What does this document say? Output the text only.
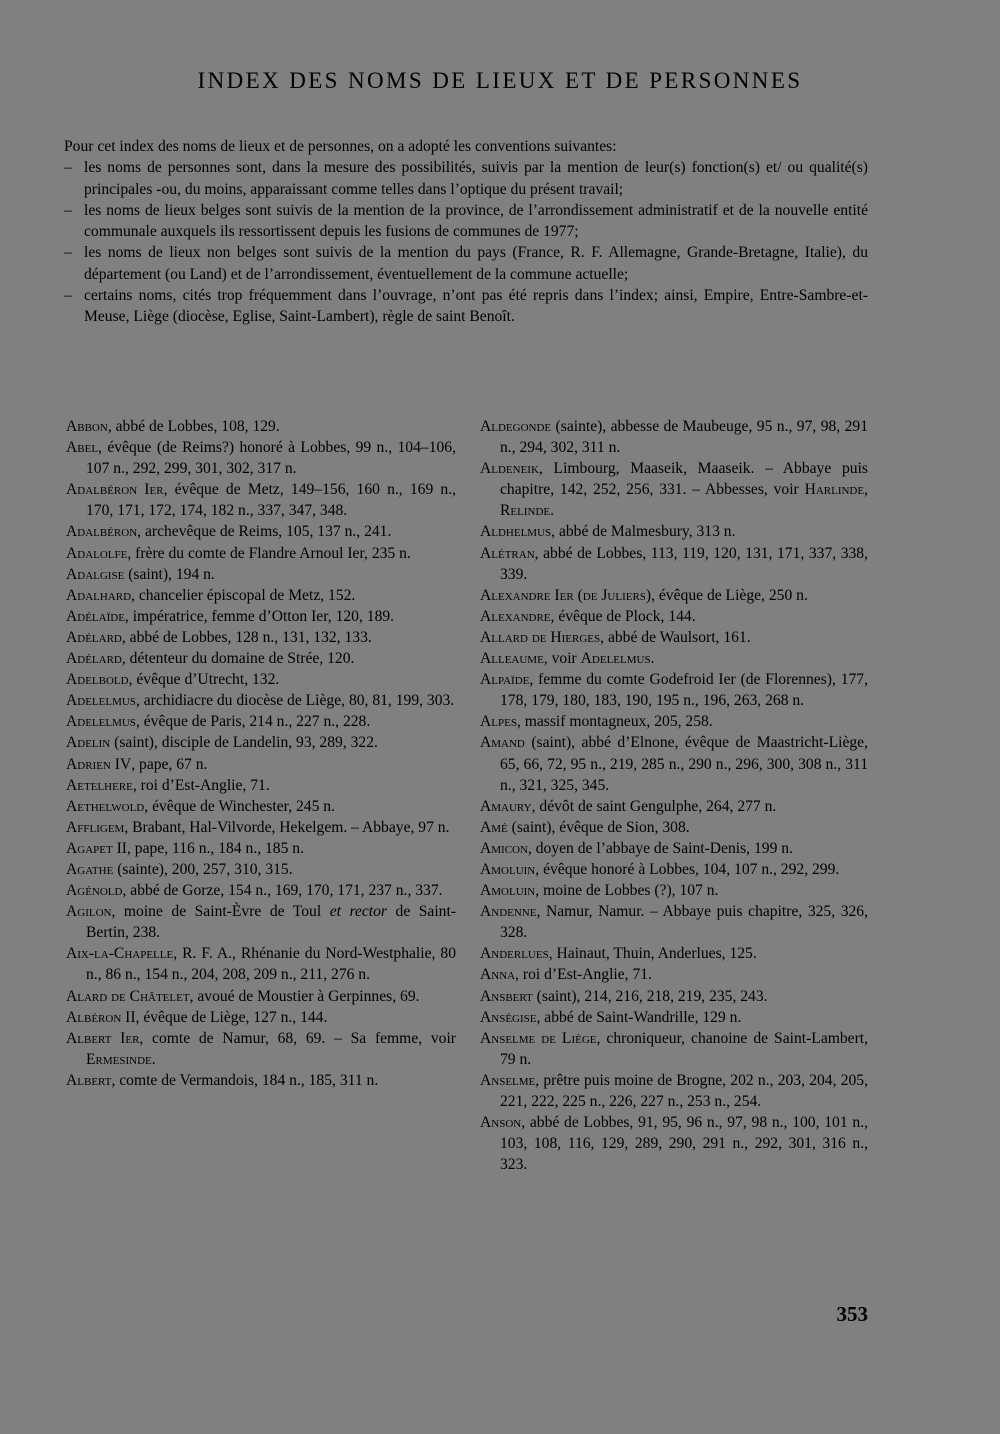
INDEX DES NOMS DE LIEUX ET DE PERSONNES

Pour cet index des noms de lieux et de personnes, on a adopté les conventions suivantes:

– les noms de personnes sont, dans la mesure des possibilités, suivis par la mention de leur(s) fonction(s) et/ ou qualité(s) principales -ou, du moins, apparaissant comme telles dans l’optique du présent travail;
– les noms de lieux belges sont suivis de la mention de la province, de l’arrondissement administratif et de la nouvelle entité communale auxquels ils ressortissent depuis les fusions de communes de 1977;
– les noms de lieux non belges sont suivis de la mention du pays (France, R. F. Allemagne, Grande-Bretagne, Italie), du département (ou Land) et de l’arrondissement, éventuellement de la commune actuelle;
– certains noms, cités trop fréquemment dans l’ouvrage, n’ont pas été repris dans l’index; ainsi, Empire, Entre-Sambre-et-Meuse, Liège (diocèse, Eglise, Saint-Lambert), règle de saint Benoît.

Abbon, abbé de Lobbes, 108, 129.

Abel, évêque (de Reims?) honoré à Lobbes, 99 n., 104–106, 107 n., 292, 299, 301, 302, 317 n.

Adalbéron Ier, évêque de Metz, 149–156, 160 n., 169 n., 170, 171, 172, 174, 182 n., 337, 347, 348.

Adalbéron, archevêque de Reims, 105, 137 n., 241.

Adalolfe, frère du comte de Flandre Arnoul Ier, 235 n.

Adalgise (saint), 194 n.

Adalhard, chancelier épiscopal de Metz, 152.

Adélaïde, impératrice, femme d’Otton Ier, 120, 189.

Adélard, abbé de Lobbes, 128 n., 131, 132, 133.

Adélard, détenteur du domaine de Strée, 120.

Adelbold, évêque d’Utrecht, 132.

Adelelmus, archidiacre du diocèse de Liège, 80, 81, 199, 303.

Adelelmus, évêque de Paris, 214 n., 227 n., 228.

Adelin (saint), disciple de Landelin, 93, 289, 322.

Adrien IV, pape, 67 n.

Aetelhere, roi d’Est-Anglie, 71.

Aethelwold, évêque de Winchester, 245 n.

Affligem, Brabant, Hal-Vilvorde, Hekelgem. – Abbaye, 97 n.

Agapet II, pape, 116 n., 184 n., 185 n.

Agathe (sainte), 200, 257, 310, 315.

Agénold, abbé de Gorze, 154 n., 169, 170, 171, 237 n., 337.

Agilon, moine de Saint-Èvre de Toul et rector de Saint-Bertin, 238.

Aix-la-Chapelle, R. F. A., Rhénanie du Nord-Westphalie, 80 n., 86 n., 154 n., 204, 208, 209 n., 211, 276 n.

Alard de Châtelet, avoué de Moustier à Gerpinnes, 69.

Albéron II, évêque de Liège, 127 n., 144.

Albert Ier, comte de Namur, 68, 69. – Sa femme, voir Ermesinde.

Albert, comte de Vermandois, 184 n., 185, 311 n.

Aldegonde (sainte), abbesse de Maubeuge, 95 n., 97, 98, 291 n., 294, 302, 311 n.

Aldeneik, Limbourg, Maaseik, Maaseik. – Abbaye puis chapitre, 142, 252, 256, 331. – Abbesses, voir Harlinde, Relinde.

Aldhelmus, abbé de Malmesbury, 313 n.

Alétran, abbé de Lobbes, 113, 119, 120, 131, 171, 337, 338, 339.

Alexandre Ier (de Juliers), évêque de Liège, 250 n.

Alexandre, évêque de Plock, 144.

Allard de Hierges, abbé de Waulsort, 161.

Alleaume, voir Adelelmus.

Alpaïde, femme du comte Godefroid Ier (de Florennes), 177, 178, 179, 180, 183, 190, 195 n., 196, 263, 268 n.

Alpes, massif montagneux, 205, 258.

Amand (saint), abbé d’Elnone, évêque de Maastricht-Liège, 65, 66, 72, 95 n., 219, 285 n., 290 n., 296, 300, 308 n., 311 n., 321, 325, 345.

Amaury, dévôt de saint Gengulphe, 264, 277 n.

Amé (saint), évêque de Sion, 308.

Amicon, doyen de l’abbaye de Saint-Denis, 199 n.

Amoluin, évêque honoré à Lobbes, 104, 107 n., 292, 299.

Amoluin, moine de Lobbes (?), 107 n.

Andenne, Namur, Namur. – Abbaye puis chapitre, 325, 326, 328.

Anderlues, Hainaut, Thuin, Anderlues, 125.

Anna, roi d’Est-Anglie, 71.

Ansbert (saint), 214, 216, 218, 219, 235, 243.

Anségise, abbé de Saint-Wandrille, 129 n.

Anselme de Liège, chroniqueur, chanoine de Saint-Lambert, 79 n.

Anselme, prêtre puis moine de Brogne, 202 n., 203, 204, 205, 221, 222, 225 n., 226, 227 n., 253 n., 254.

Anson, abbé de Lobbes, 91, 95, 96 n., 97, 98 n., 100, 101 n., 103, 108, 116, 129, 289, 290, 291 n., 292, 301, 316 n., 323.

353
